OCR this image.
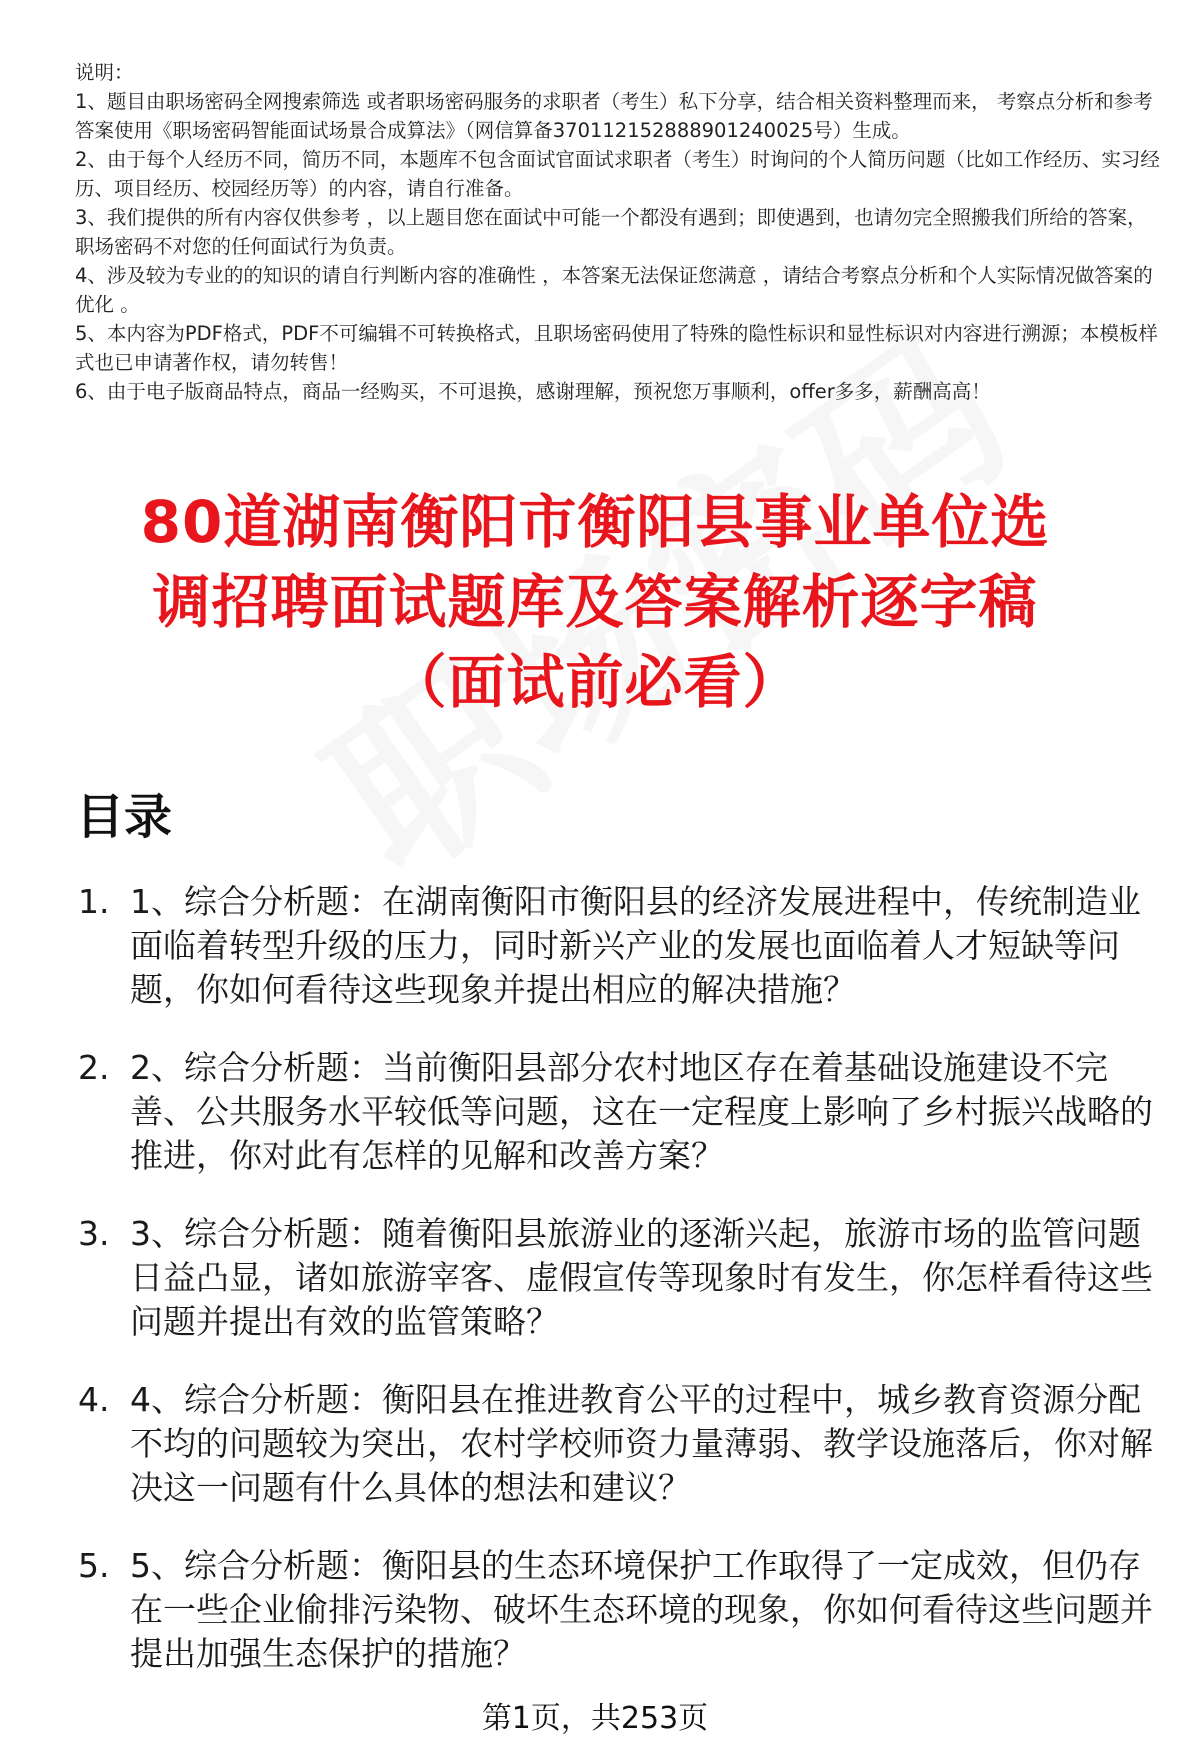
说明：

1、题目由职场密码全网搜索筛选 或者职场密码服务的求职者（考生）私下分享，结合相关资料整理而来， 考察点分析和参考答案使用《职场密码智能面试场景合成算法》（网信算备370112152888901240025号）生成。

2、由于每个人经历不同，简历不同，本题库不包含面试官面试求职者（考生）时询问的个人简历问题（比如工作经历、实习经历、项目经历、校园经历等）的内容，请自行准备。

3、我们提供的所有内容仅供参考 ，以上题目您在面试中可能一个都没有遇到；即使遇到，也请勿完全照搬我们所给的答案，职场密码不对您的任何面试行为负责。

4、涉及较为专业的的知识的请自行判断内容的准确性 ，本答案无法保证您满意 ，请结合考察点分析和个人实际情况做答案的优化 。

5、本内容为PDF格式，PDF不可编辑不可转换格式，且职场密码使用了特殊的隐性标识和显性标识对内容进行溯源；本模板样式也已申请著作权，请勿转售！

6、由于电子版商品特点，商品一经购买，不可退换，感谢理解，预祝您万事顺利，offer多多，薪酬高高！

80道湖南衡阳市衡阳县事业单位选
调招聘面试题库及答案解析逐字稿
（面试前必看）
目录
1. 1、综合分析题：在湖南衡阳市衡阳县的经济发展进程中，传统制造业面临着转型升级的压力，同时新兴产业的发展也面临着人才短缺等问题，你如何看待这些现象并提出相应的解决措施？
2. 2、综合分析题：当前衡阳县部分农村地区存在着基础设施建设不完善、公共服务水平较低等问题，这在一定程度上影响了乡村振兴战略的推进，你对此有怎样的见解和改善方案？
3. 3、综合分析题：随着衡阳县旅游业的逐渐兴起，旅游市场的监管问题日益凸显，诸如旅游宰客、虚假宣传等现象时有发生，你怎样看待这些问题并提出有效的监管策略？
4. 4、综合分析题：衡阳县在推进教育公平的过程中，城乡教育资源分配不均的问题较为突出，农村学校师资力量薄弱、教学设施落后，你对解决这一问题有什么具体的想法和建议？
5. 5、综合分析题：衡阳县的生态环境保护工作取得了一定成效，但仍存在一些企业偷排污染物、破坏生态环境的现象，你如何看待这些问题并提出加强生态保护的措施？
第1页，共253页
